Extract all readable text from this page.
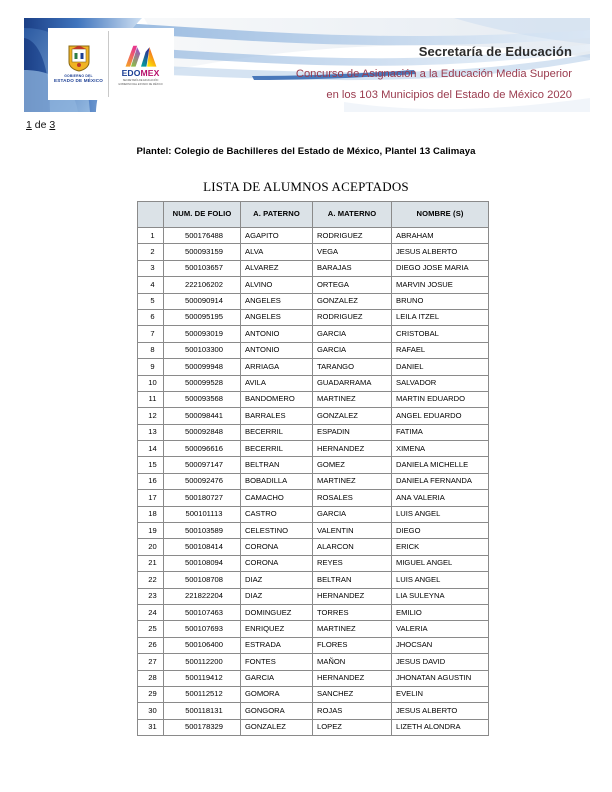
GOBIERNO DEL
ESTADO DE MÉXICO
EDOMEX
SECRETARÍA DE EDUCACIÓN
GOBIERNO DEL ESTADO DE MÉXICO
Secretaría de Educación
Concurso de Asignación a la Educación Media Superior
en los 103 Municipios del Estado de México 2020
1 de 3
Plantel: Colegio de Bachilleres del Estado de México, Plantel 13 Calimaya
LISTA DE ALUMNOS ACEPTADOS
	NUM. DE FOLIO	A. PATERNO	A. MATERNO	NOMBRE (S)
1	500176488	AGAPITO	RODRIGUEZ	ABRAHAM
2	500093159	ALVA	VEGA	JESUS ALBERTO
3	500103657	ALVAREZ	BARAJAS	DIEGO JOSE MARIA
4	222106202	ALVINO	ORTEGA	MARVIN JOSUE
5	500090914	ANGELES	GONZALEZ	BRUNO
6	500095195	ANGELES	RODRIGUEZ	LEILA ITZEL
7	500093019	ANTONIO	GARCIA	CRISTOBAL
8	500103300	ANTONIO	GARCIA	RAFAEL
9	500099948	ARRIAGA	TARANGO	DANIEL
10	500099528	AVILA	GUADARRAMA	SALVADOR
11	500093568	BANDOMERO	MARTINEZ	MARTIN EDUARDO
12	500098441	BARRALES	GONZALEZ	ANGEL EDUARDO
13	500092848	BECERRIL	ESPADIN	FATIMA
14	500096616	BECERRIL	HERNANDEZ	XIMENA
15	500097147	BELTRAN	GOMEZ	DANIELA MICHELLE
16	500092476	BOBADILLA	MARTINEZ	DANIELA FERNANDA
17	500180727	CAMACHO	ROSALES	ANA VALERIA
18	500101113	CASTRO	GARCIA	LUIS ANGEL
19	500103589	CELESTINO	VALENTIN	DIEGO
20	500108414	CORONA	ALARCON	ERICK
21	500108094	CORONA	REYES	MIGUEL ANGEL
22	500108708	DIAZ	BELTRAN	LUIS ANGEL
23	221822204	DIAZ	HERNANDEZ	LIA SULEYNA
24	500107463	DOMINGUEZ	TORRES	EMILIO
25	500107693	ENRIQUEZ	MARTINEZ	VALERIA
26	500106400	ESTRADA	FLORES	JHOCSAN
27	500112200	FONTES	MAÑON	JESUS DAVID
28	500119412	GARCIA	HERNANDEZ	JHONATAN AGUSTIN
29	500112512	GOMORA	SANCHEZ	EVELIN
30	500118131	GONGORA	ROJAS	JESUS ALBERTO
31	500178329	GONZALEZ	LOPEZ	LIZETH ALONDRA
